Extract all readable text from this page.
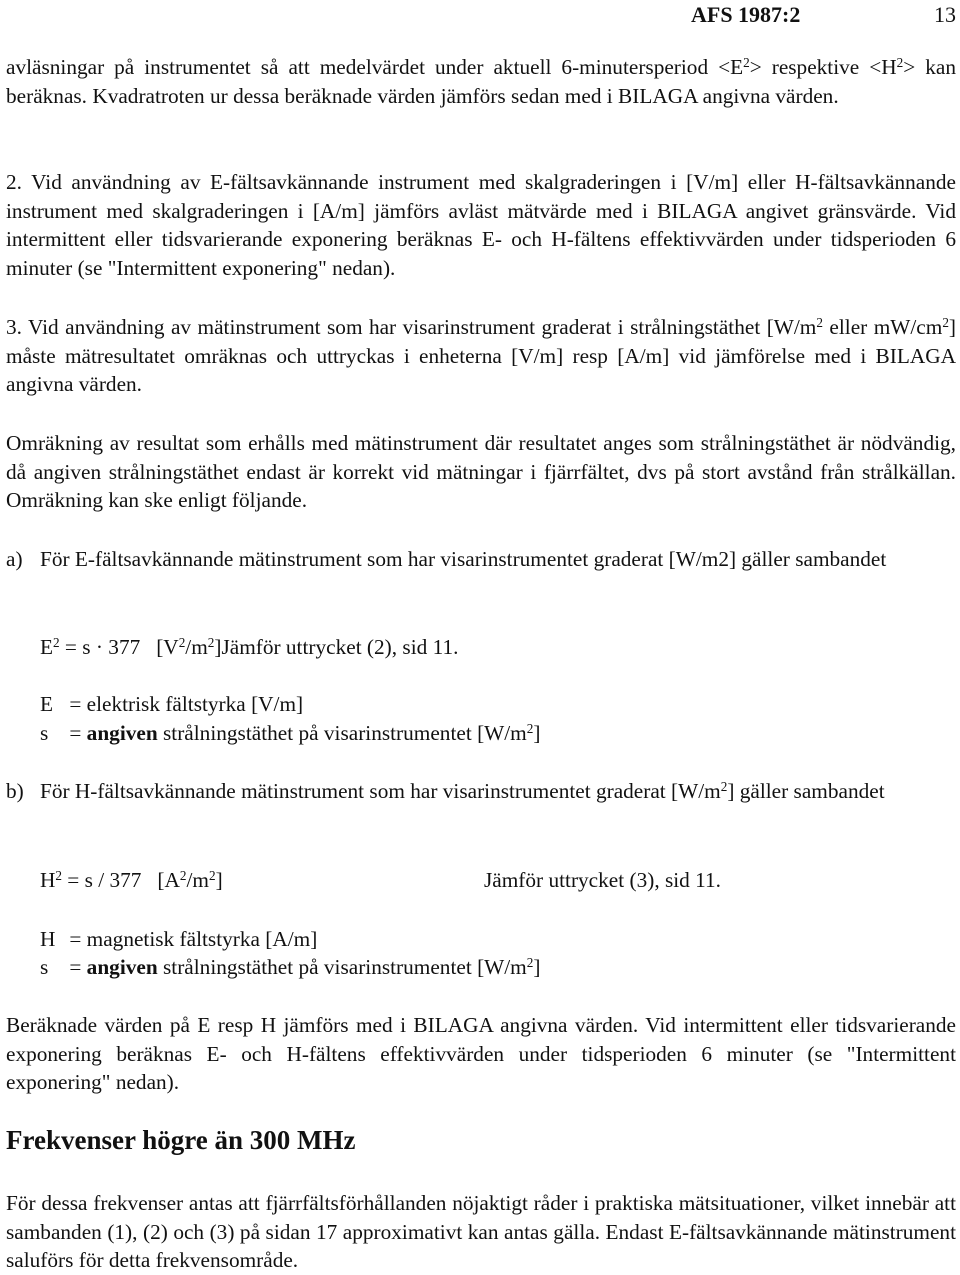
AFS 1987:2	13

avläsningar på instrumentet så att medelvärdet under aktuell 6-minutersperiod $<E^2>$ respektive $<H^2>$ kan beräknas. Kvadratroten ur dessa beräknade värden jämförs sedan med i BILAGA angivna värden.

2. Vid användning av E-fältsavkännande instrument med skalgraderingen i [V/m] eller H-fältsavkännande instrument med skalgraderingen i [A/m] jämförs avläst mätvärde med i BILAGA angivet gränsvärde. Vid intermittent eller tidsvarierande exponering beräknas E- och H-fältens effektivvärden under tidsperioden 6 minuter (se "Intermittent exponering" nedan).

3. Vid användning av mätinstrument som har visarinstrument graderat i strålningstäthet [$W/m^2$ eller $mW/cm^2$] måste mätresultatet omräknas och uttryckas i enheterna [V/m] resp [A/m] vid jämförelse med i BILAGA angivna värden.

Omräkning av resultat som erhålls med mätinstrument där resultatet anges som strålningstäthet är nödvändig, då angiven strålningstäthet endast är korrekt vid mätningar i fjärrfältet, dvs på stort avstånd från strålkällan. Omräkning kan ske enligt följande.

a) För E-fältsavkännande mätinstrument som har visarinstrumentet graderat [W/m2] gäller sambandet

$E^2 = s \cdot 377$   $[V^2/m^2]Jämför$ uttrycket (2), sid 11.
E = elektrisk fältstyrka [V/m]
s = angiven strålningstäthet på visarinstrumentet $[W/m^2]$
b) För H-fältsavkännande mätinstrument som har visarinstrumentet graderat $[W/m^2]$ gäller sambandet

$H^2 = s / 377$   $[A^2/m^2]$	Jämför uttrycket (3), sid 11.
H = magnetisk fältstyrka [A/m]
s = angiven strålningstäthet på visarinstrumentet $[W/m^2]$

Beräknade värden på E resp H jämförs med i BILAGA angivna värden. Vid intermittent eller tidsvarierande exponering beräknas E- och H-fältens effektivvärden under tidsperioden 6 minuter (se "Intermittent exponering" nedan).

Frekvenser högre än 300 MHz

För dessa frekvenser antas att fjärrfältsförhållanden nöjaktigt råder i praktiska mätsituationer, vilket innebär att sambanden (1), (2) och (3) på sidan 17 approximativt kan antas gälla. Endast E-fältsavkännande mätinstrument saluförs för detta frekvensområde.
